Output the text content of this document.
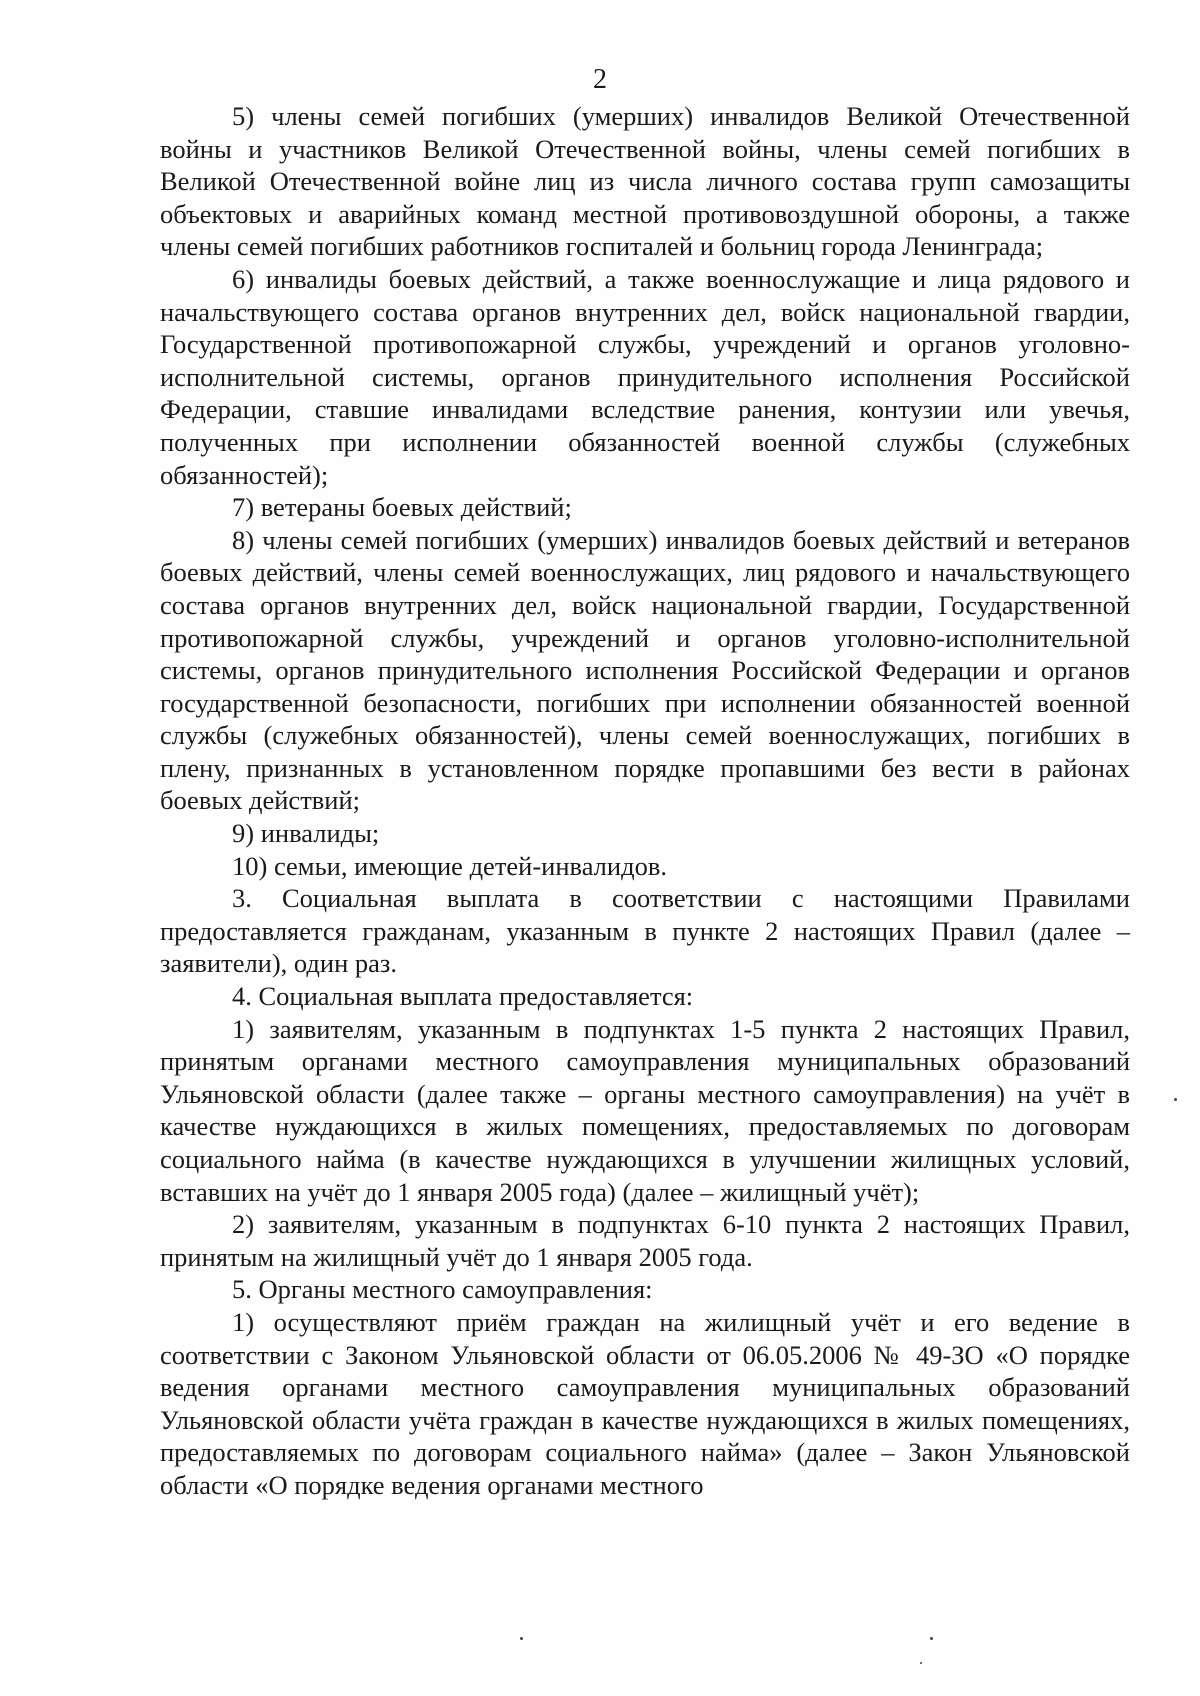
2

5) члены семей погибших (умерших) инвалидов Великой Отечественной войны и участников Великой Отечественной войны, члены семей погибших в Великой Отечественной войне лиц из числа личного состава групп самозащиты объектовых и аварийных команд местной противовоздушной обороны, а также члены семей погибших работников госпиталей и больниц города Ленинграда;

6) инвалиды боевых действий, а также военнослужащие и лица рядового и начальствующего состава органов внутренних дел, войск национальной гвардии, Государственной противопожарной службы, учреждений и органов уголовно-исполнительной системы, органов принудительного исполнения Российской Федерации, ставшие инвалидами вследствие ранения, контузии или увечья, полученных при исполнении обязанностей военной службы (служебных обязанностей);

7) ветераны боевых действий;

8) члены семей погибших (умерших) инвалидов боевых действий и ветеранов боевых действий, члены семей военнослужащих, лиц рядового и начальствующего состава органов внутренних дел, войск национальной гвардии, Государственной противопожарной службы, учреждений и органов уголовно-исполнительной системы, органов принудительного исполнения Российской Федерации и органов государственной безопасности, погибших при исполнении обязанностей военной службы (служебных обязанностей), члены семей военнослужащих, погибших в плену, признанных в установленном порядке пропавшими без вести в районах боевых действий;

9) инвалиды;

10) семьи, имеющие детей-инвалидов.

3. Социальная выплата в соответствии с настоящими Правилами предоставляется гражданам, указанным в пункте 2 настоящих Правил (далее – заявители), один раз.

4. Социальная выплата предоставляется:

1) заявителям, указанным в подпунктах 1-5 пункта 2 настоящих Правил, принятым органами местного самоуправления муниципальных образований Ульяновской области (далее также – органы местного самоуправления) на учёт в качестве нуждающихся в жилых помещениях, предоставляемых по договорам социального найма (в качестве нуждающихся в улучшении жилищных условий, вставших на учёт до 1 января 2005 года) (далее – жилищный учёт);

2) заявителям, указанным в подпунктах 6-10 пункта 2 настоящих Правил, принятым на жилищный учёт до 1 января 2005 года.

5. Органы местного самоуправления:

1) осуществляют приём граждан на жилищный учёт и его ведение в соответствии с Законом Ульяновской области от 06.05.2006 № 49-ЗО «О порядке ведения органами местного самоуправления муниципальных образований Ульяновской области учёта граждан в качестве нуждающихся в жилых помещениях, предоставляемых по договорам социального найма» (далее – Закон Ульяновской области «О порядке ведения органами местного
